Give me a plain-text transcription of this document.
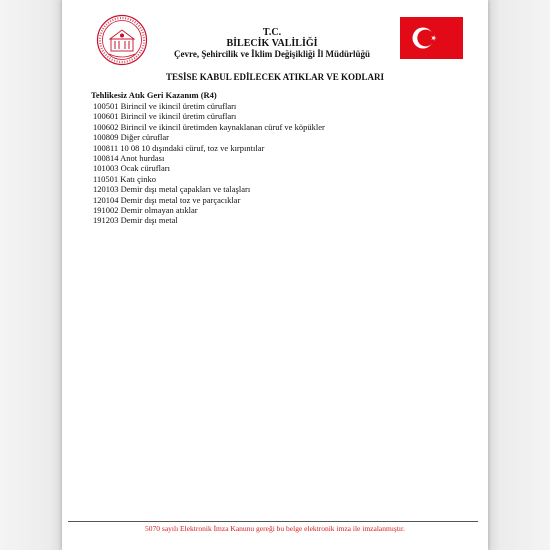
T.C.
BİLECİK VALİLİĞİ
Çevre, Şehircilik ve İklim Değişikliği İl Müdürlüğü
TESİSE KABUL EDİLECEK ATIKLAR VE KODLARI
Tehlikesiz Atık Geri Kazanım (R4)
100501 Birincil ve ikincil üretim cürufları
100601 Birincil ve ikincil üretim cürufları
100602 Birincil ve ikincil üretimden kaynaklanan cüruf ve köpükler
100809 Diğer cüruflar
100811 10 08 10 dışındaki cüruf, toz ve kırpıntılar
100814 Anot hurdası
101003 Ocak cürufları
110501 Katı çinko
120103 Demir dışı metal çapakları ve talaşları
120104 Demir dışı metal toz ve parçacıklar
191002 Demir olmayan atıklar
191203 Demir dışı metal
5070 sayılı Elektronik İmza Kanunu gereği bu belge elektronik imza ile imzalanmıştır.
